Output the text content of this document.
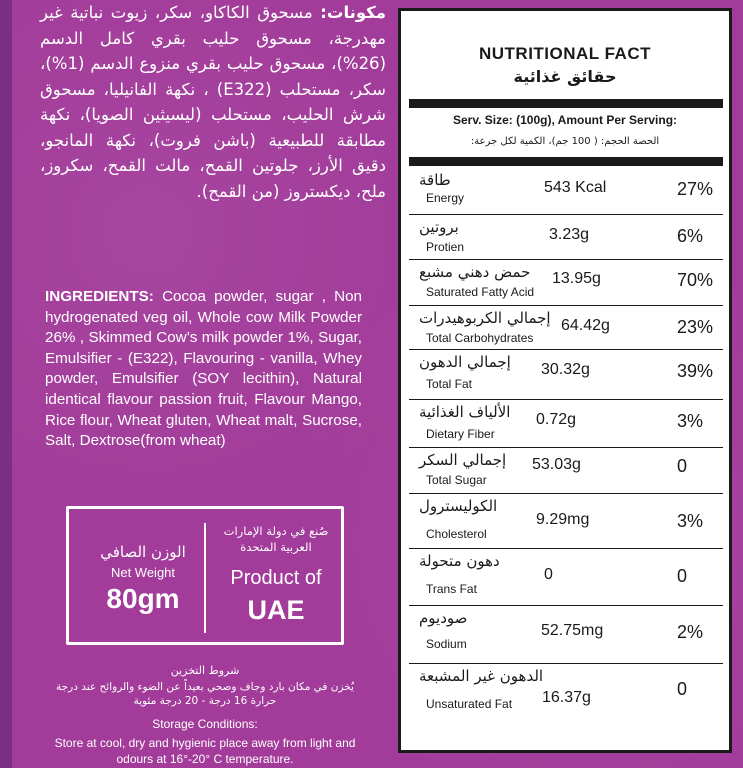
مكونات: مسحوق الكاكاو، سكر، زيوت نباتية غير مهدرجة، مسحوق حليب بقري كامل الدسم (26%)، مسحوق حليب بقري منزوع الدسم (1%)، سكر، مستحلب (E322) ، نكهة الفانيليا، مسحوق شرش الحليب، مستحلب (ليسيثين الصويا)، نكهة مطابقة للطبيعية (باشن فروت)، نكهة المانجو، دقيق الأرز، جلوتين القمح، مالت القمح، سكروز، ملح، ديكستروز (من القمح).
INGREDIENTS: Cocoa powder, sugar , Non hydrogenated veg oil, Whole cow Milk Powder 26% , Skimmed Cow’s milk powder 1%, Sugar, Emulsifier - (E322), Flavouring - vanilla, Whey powder, Emulsifier (SOY lecithin), Natural identical flavour passion fruit, Flavour Mango, Rice flour, Wheat gluten, Wheat malt, Sucrose, Salt, Dextrose(from wheat)
الوزن الصافي
Net Weight
80gm
صُنع في دولة الإمارات العربية المتحدة
Product of
UAE
شروط التخزين
يُخزن في مكان بارد وجاف وصحي بعيداً عن الضوء والروائح عند درجة حرارة 16 درجة - 20 درجة مئوية
Storage Conditions:
Store at cool, dry and hygienic place away from light and odours at 16°-20° C temperature.
NUTRITIONAL FACT
حقائق غذائية
Serv. Size: (100g), Amount Per Serving:
الحصة الحجم: ( 100 جم)، الكمية لكل جرعة:
طاقة
Energy
543 Kcal	27%
بروتين
Protien
3.23g	6%
حمض دهني مشبع
Saturated Fatty Acid
13.95g	70%
إجمالي الكربوهيدرات
Total Carbohydrates
64.42g	23%
إجمالي الدهون
Total Fat
30.32g	39%
الألياف الغذائية
Dietary Fiber
0.72g	3%
إجمالي السكر
Total Sugar
53.03g	0
الكوليسترول
Cholesterol
9.29mg	3%
دهون متحولة
Trans Fat
0	0
صوديوم
Sodium
52.75mg	2%
الدهون غير المشبعة
Unsaturated Fat 16.37g	0
